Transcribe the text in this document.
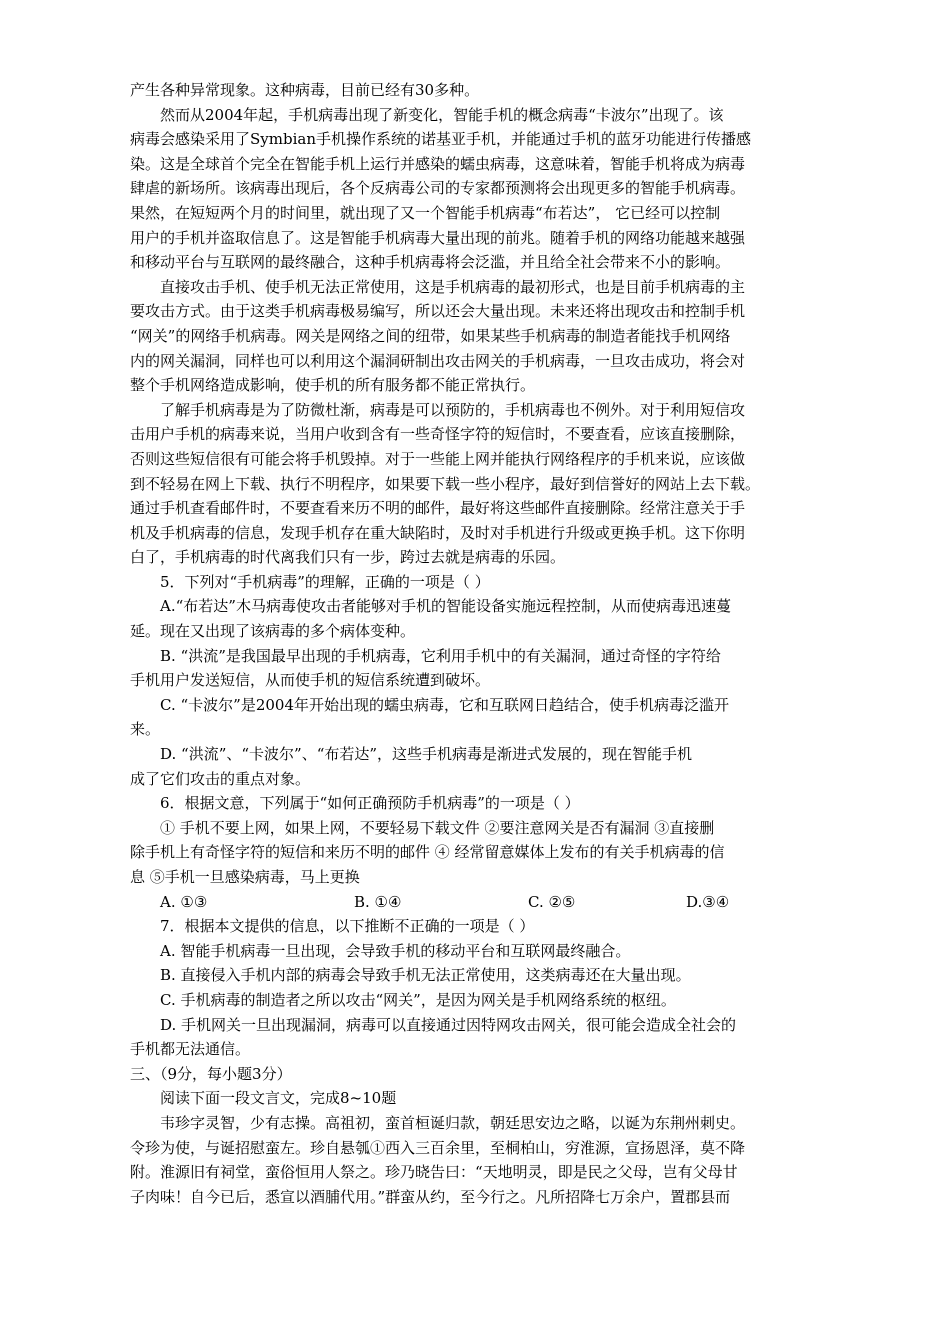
产生各种异常现象。这种病毒，目前已经有30多种。
然而从2004年起，手机病毒出现了新变化，智能手机的概念病毒“卡波尔”出现了。该
病毒会感染采用了Symbian手机操作系统的诺基亚手机，并能通过手机的蓝牙功能进行传播感
染。这是全球首个完全在智能手机上运行并感染的蠕虫病毒，这意味着，智能手机将成为病毒
肆虐的新场所。该病毒出现后，各个反病毒公司的专家都预测将会出现更多的智能手机病毒。
果然，在短短两个月的时间里，就出现了又一个智能手机病毒“布若达”， 它已经可以控制
用户的手机并盗取信息了。这是智能手机病毒大量出现的前兆。随着手机的网络功能越来越强
和移动平台与互联网的最终融合，这种手机病毒将会泛滥，并且给全社会带来不小的影响。
直接攻击手机、使手机无法正常使用，这是手机病毒的最初形式，也是目前手机病毒的主
要攻击方式。由于这类手机病毒极易编写，所以还会大量出现。未来还将出现攻击和控制手机
“网关”的网络手机病毒。网关是网络之间的纽带，如果某些手机病毒的制造者能找手机网络
内的网关漏洞，同样也可以利用这个漏洞研制出攻击网关的手机病毒，一旦攻击成功，将会对
整个手机网络造成影响，使手机的所有服务都不能正常执行。
了解手机病毒是为了防微杜渐，病毒是可以预防的，手机病毒也不例外。对于利用短信攻
击用户手机的病毒来说，当用户收到含有一些奇怪字符的短信时，不要查看，应该直接删除，
否则这些短信很有可能会将手机毁掉。对于一些能上网并能执行网络程序的手机来说，应该做
到不轻易在网上下载、执行不明程序，如果要下载一些小程序，最好到信誉好的网站上去下载。
通过手机查看邮件时，不要查看来历不明的邮件，最好将这些邮件直接删除。经常注意关于手
机及手机病毒的信息，发现手机存在重大缺陷时，及时对手机进行升级或更换手机。这下你明
白了，手机病毒的时代离我们只有一步，跨过去就是病毒的乐园。
5．下列对“手机病毒”的理解，正确的一项是（ ）
A.“布若达”木马病毒使攻击者能够对手机的智能设备实施远程控制，从而使病毒迅速蔓
延。现在又出现了该病毒的多个病体变种。
B. “洪流”是我国最早出现的手机病毒，它利用手机中的有关漏洞，通过奇怪的字符给
手机用户发送短信，从而使手机的短信系统遭到破坏。
C. “卡波尔”是2004年开始出现的蠕虫病毒，它和互联网日趋结合，使手机病毒泛滥开
来。
D. “洪流”、“卡波尔”、“布若达”，这些手机病毒是渐进式发展的，现在智能手机
成了它们攻击的重点对象。
6．根据文意，下列属于“如何正确预防手机病毒”的一项是（ ）
① 手机不要上网，如果上网，不要轻易下载文件 ②要注意网关是否有漏洞 ③直接删
除手机上有奇怪字符的短信和来历不明的邮件 ④ 经常留意媒体上发布的有关手机病毒的信
息 ⑤手机一旦感染病毒，马上更换
A. ①③	B. ①④	C. ②⑤	D.③④
7．根据本文提供的信息，以下推断不正确的一项是（ ）
A. 智能手机病毒一旦出现，会导致手机的移动平台和互联网最终融合。
B. 直接侵入手机内部的病毒会导致手机无法正常使用，这类病毒还在大量出现。
C. 手机病毒的制造者之所以攻击“网关”，是因为网关是手机网络系统的枢纽。
D. 手机网关一旦出现漏洞，病毒可以直接通过因特网攻击网关，很可能会造成全社会的
手机都无法通信。
三、（9分，每小题3分）
阅读下面一段文言文，完成8~10题
韦珍字灵智，少有志操。高祖初，蛮首桓诞归款，朝廷思安边之略，以诞为东荆州刺史。
令珍为使，与诞招慰蛮左。珍自悬瓠①西入三百余里，至桐柏山，穷淮源，宣扬恩泽，莫不降
附。淮源旧有祠堂，蛮俗恒用人祭之。珍乃晓告曰：“天地明灵，即是民之父母，岂有父母甘
子肉味！自今已后，悉宣以酒脯代用。”群蛮从约，至今行之。凡所招降七万余户，置郡县而
